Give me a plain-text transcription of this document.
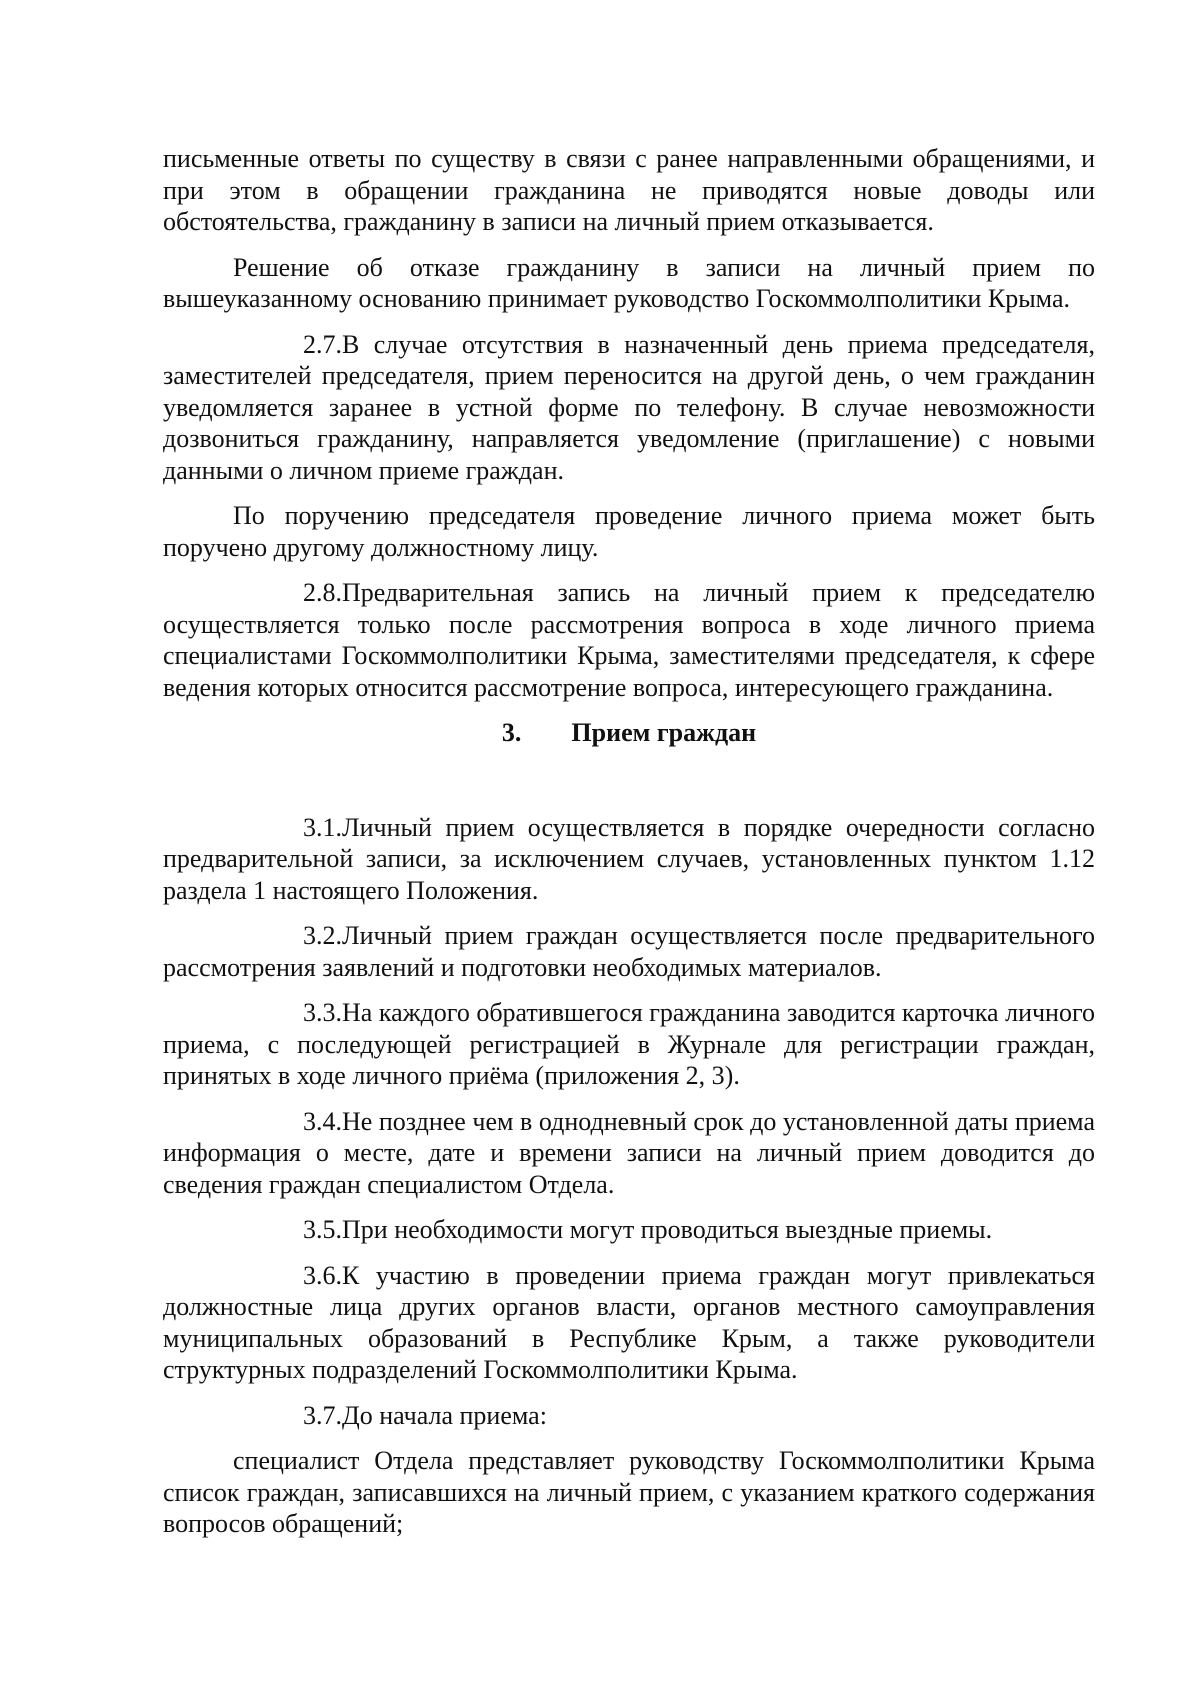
письменные ответы по существу в связи с ранее направленными обращениями, и при этом в обращении гражданина не приводятся новые доводы или обстоятельства, гражданину в записи на личный прием отказывается.

Решение об отказе гражданину в записи на личный прием по вышеуказанному основанию принимает руководство Госкоммолполитики Крыма.

2.7.В случае отсутствия в назначенный день приема председателя, заместителей председателя, прием переносится на другой день, о чем гражданин уведомляется заранее в устной форме по телефону. В случае невозможности дозвониться гражданину, направляется уведомление (приглашение) с новыми данными о личном приеме граждан.

По поручению председателя проведение личного приема может быть поручено другому должностному лицу.

2.8.Предварительная запись на личный прием к председателю осуществляется только после рассмотрения вопроса в ходе личного приема специалистами Госкоммолполитики Крыма, заместителями председателя, к сфере ведения которых относится рассмотрение вопроса, интересующего гражданина.

3. Прием граждан

3.1.Личный прием осуществляется в порядке очередности согласно предварительной записи, за исключением случаев, установленных пунктом 1.12 раздела 1 настоящего Положения.

3.2.Личный прием граждан осуществляется после предварительного рассмотрения заявлений и подготовки необходимых материалов.

3.3.На каждого обратившегося гражданина заводится карточка личного приема, с последующей регистрацией в Журнале для регистрации граждан, принятых в ходе личного приёма (приложения 2, 3).

3.4.Не позднее чем в однодневный срок до установленной даты приема информация о месте, дате и времени записи на личный прием доводится до сведения граждан специалистом Отдела.

3.5.При необходимости могут проводиться выездные приемы.

3.6.К участию в проведении приема граждан могут привлекаться должностные лица других органов власти, органов местного самоуправления муниципальных образований в Республике Крым, а также руководители структурных подразделений Госкоммолполитики Крыма.

3.7.До начала приема:

специалист Отдела представляет руководству Госкоммолполитики Крыма список граждан, записавшихся на личный прием, с указанием краткого содержания вопросов обращений;
